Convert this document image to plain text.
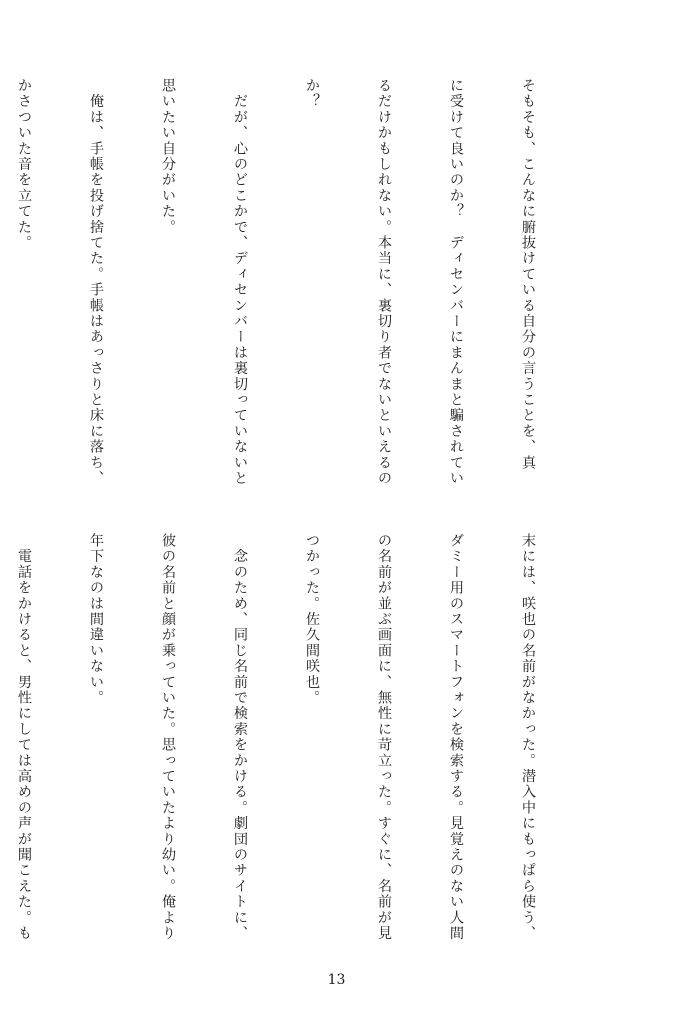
そもそも、こんなに腑抜けている自分の言うことを、真

に受けて良いのか？　ディセンバーにまんまと騙されてい

るだけかもしれない。本当に、裏切り者でないといえるの

か？

　だが、心のどこかで、ディセンバーは裏切っていないと

思いたい自分がいた。

　俺は、手帳を投げ捨てた。手帳はあっさりと床に落ち、

かさついた音を立てた。

末には、咲也の名前がなかった。潜入中にもっぱら使う、

ダミー用のスマートフォンを検索する。見覚えのない人間

の名前が並ぶ画面に、無性に苛立った。すぐに、名前が見

つかった。佐久間咲也。

　念のため、同じ名前で検索をかける。劇団のサイトに、

彼の名前と顔が乗っていた。思っていたより幼い。俺より

年下なのは間違いない。

　電話をかけると、男性にしては高めの声が聞こえた。も

13
